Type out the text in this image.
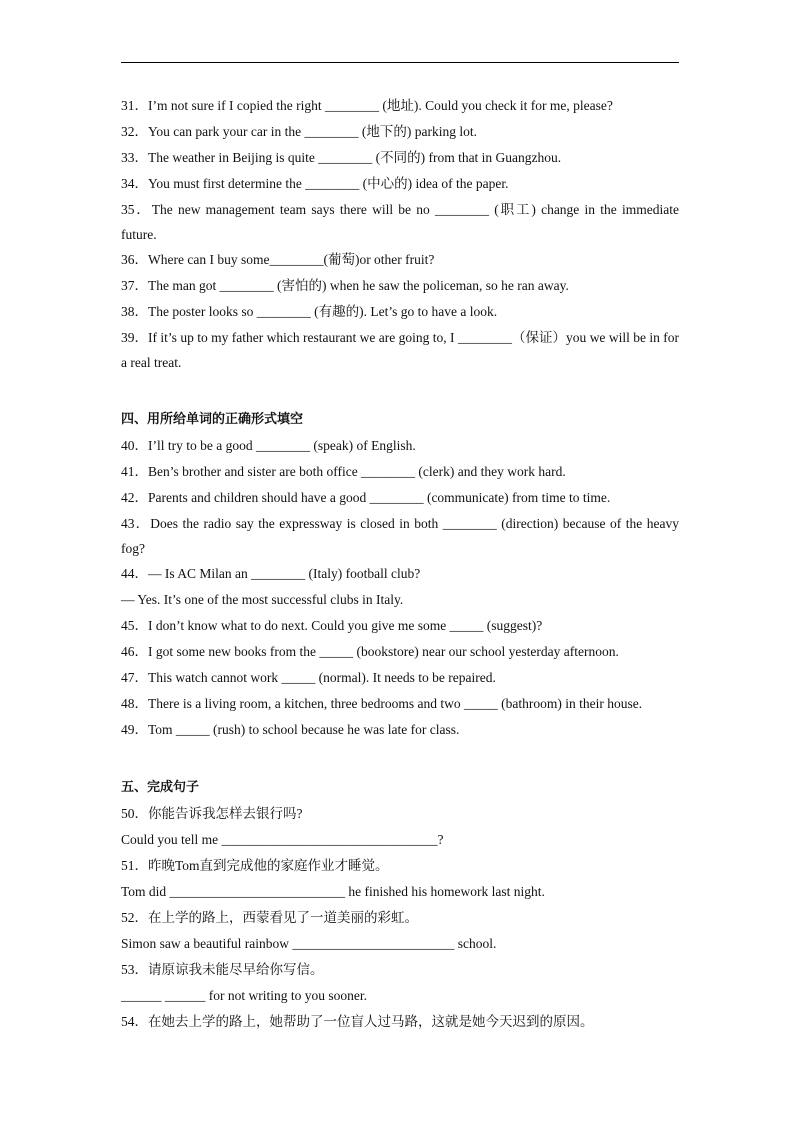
31．I’m not sure if I copied the right ________ (地址). Could you check it for me, please?
32．You can park your car in the ________ (地下的) parking lot.
33．The weather in Beijing is quite ________ (不同的) from that in Guangzhou.
34．You must first determine the ________ (中心的) idea of the paper.
35．The new management team says there will be no ________ (职工) change in the immediate future.
36．Where can I buy some________(葡萄)or other fruit?
37．The man got ________ (害怕的) when he saw the policeman, so he ran away.
38．The poster looks so ________ (有趣的). Let’s go to have a look.
39．If it’s up to my father which restaurant we are going to, I ________（保证）you we will be in for a real treat.
四、用所给单词的正确形式填空
40．I’ll try to be a good ________ (speak) of English.
41．Ben’s brother and sister are both office ________ (clerk) and they work hard.
42．Parents and children should have a good ________ (communicate) from time to time.
43．Does the radio say the expressway is closed in both ________ (direction) because of the heavy fog?
44．— Is AC Milan an ________ (Italy) football club?
— Yes. It’s one of the most successful clubs in Italy.
45．I don’t know what to do next. Could you give me some _____ (suggest)?
46．I got some new books from the _____ (bookstore) near our school yesterday afternoon.
47．This watch cannot work _____ (normal). It needs to be repaired.
48．There is a living room, a kitchen, three bedrooms and two _____ (bathroom) in their house.
49．Tom _____ (rush) to school because he was late for class.
五、完成句子
50．你能告诉我怎样去银行吗?
Could you tell me ________________________________?
51．昨晚Tom直到完成他的家庭作业才睡觉。
Tom did __________________________ he finished his homework last night.
52．在上学的路上，西蒙看见了一道美丽的彩虹。
Simon saw a beautiful rainbow ________________________ school.
53．请原谅我未能尽早给你写信。
______ ______ for not writing to you sooner.
54．在她去上学的路上，她帮助了一位盲人过马路，这就是她今天迟到的原因。
